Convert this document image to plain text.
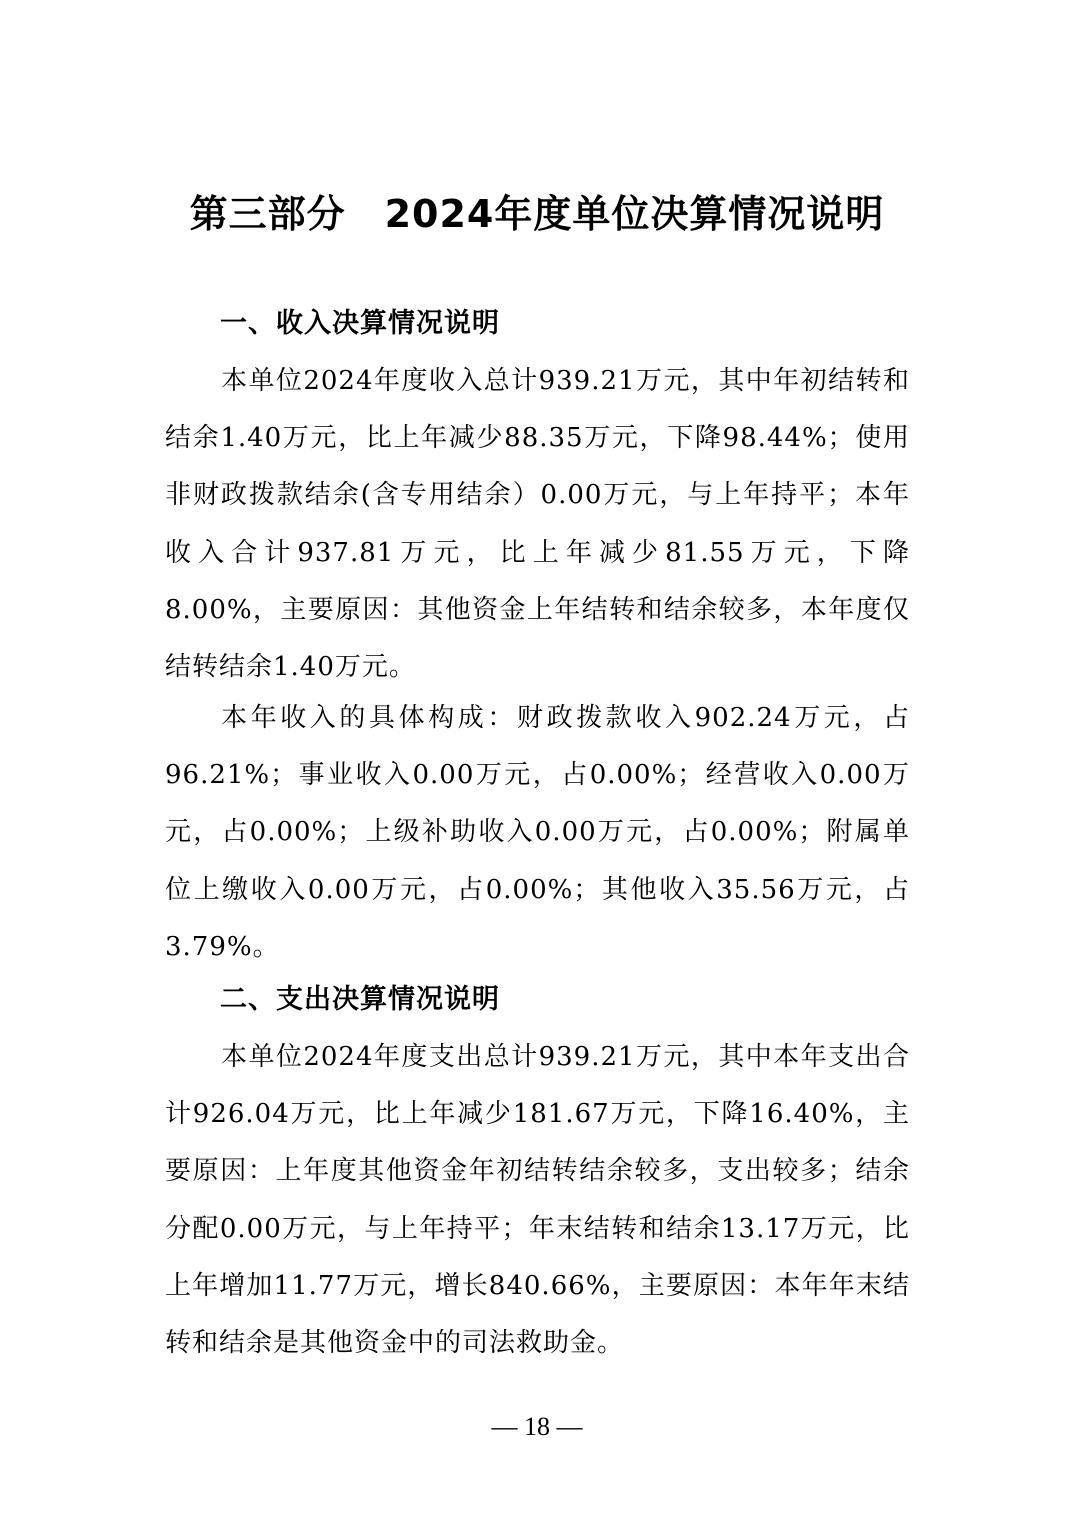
第三部分　2024年度单位决算情况说明
一、收入决算情况说明

本单位2024年度收入总计939.21万元，其中年初结转和结余1.40万元，比上年减少88.35万元，下降98.44%；使用非财政拨款结余(含专用结余）0.00万元，与上年持平；本年收入合计937.81万元，比上年减少81.55万元，下降8.00%，主要原因：其他资金上年结转和结余较多，本年度仅结转结余1.40万元。

本年收入的具体构成：财政拨款收入902.24万元，占96.21%；事业收入0.00万元，占0.00%；经营收入0.00万元，占0.00%；上级补助收入0.00万元，占0.00%；附属单位上缴收入0.00万元，占0.00%；其他收入35.56万元，占3.79%。

二、支出决算情况说明

本单位2024年度支出总计939.21万元，其中本年支出合计926.04万元，比上年减少181.67万元，下降16.40%，主要原因：上年度其他资金年初结转结余较多，支出较多；结余分配0.00万元，与上年持平；年末结转和结余13.17万元，比上年增加11.77万元，增长840.66%，主要原因：本年年末结转和结余是其他资金中的司法救助金。

— 18 —
